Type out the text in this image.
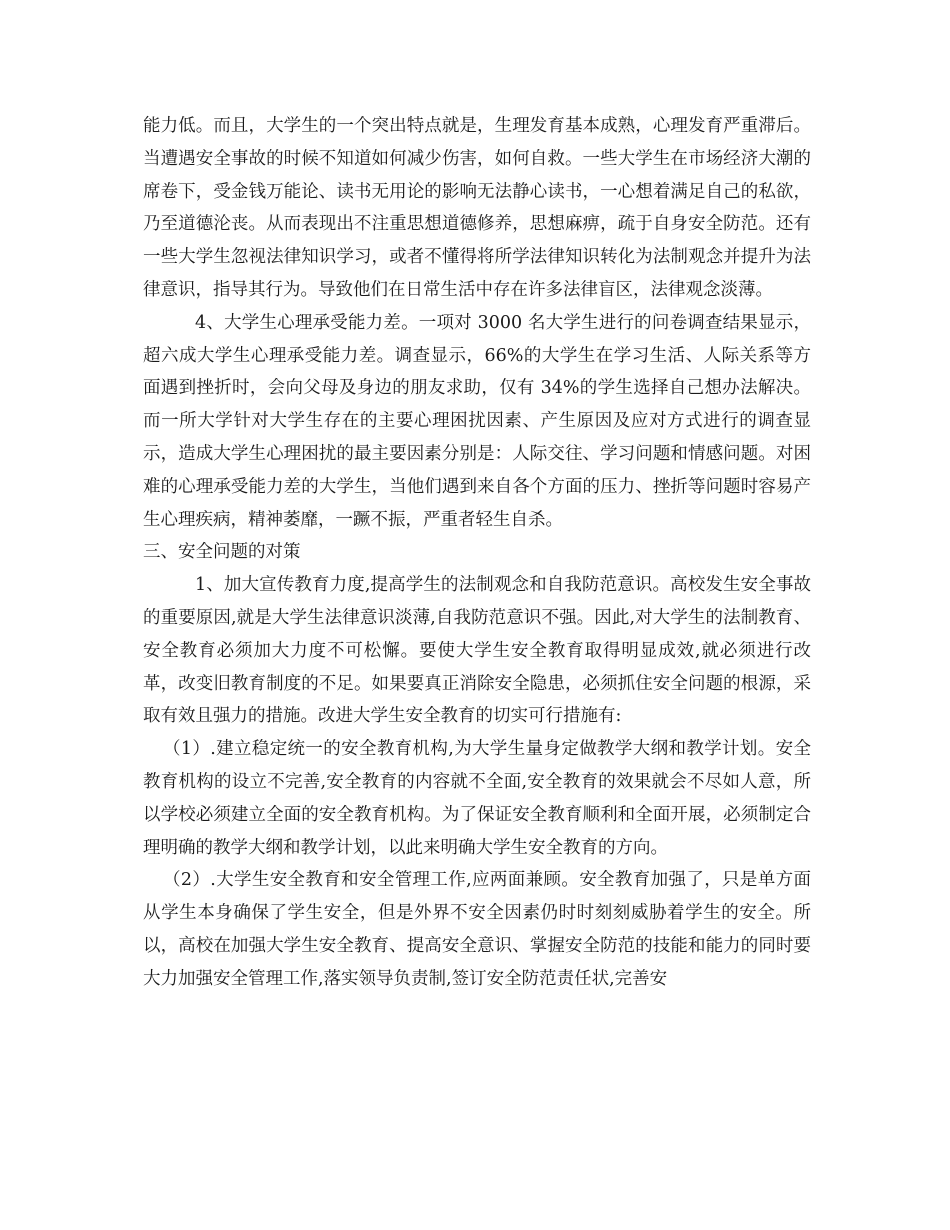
能力低。而且，大学生的一个突出特点就是，生理发育基本成熟，心理发育严重滞后。当遭遇安全事故的时候不知道如何减少伤害，如何自救。一些大学生在市场经济大潮的席卷下，受金钱万能论、读书无用论的影响无法静心读书，一心想着满足自己的私欲，乃至道德沦丧。从而表现出不注重思想道德修养，思想麻痹，疏于自身安全防范。还有一些大学生忽视法律知识学习，或者不懂得将所学法律知识转化为法制观念并提升为法律意识，指导其行为。导致他们在日常生活中存在许多法律盲区，法律观念淡薄。

4、大学生心理承受能力差。一项对 3000 名大学生进行的问卷调查结果显示，超六成大学生心理承受能力差。调查显示，66%的大学生在学习生活、人际关系等方面遇到挫折时，会向父母及身边的朋友求助，仅有 34%的学生选择自己想办法解决。而一所大学针对大学生存在的主要心理困扰因素、产生原因及应对方式进行的调查显示，造成大学生心理困扰的最主要因素分别是：人际交往、学习问题和情感问题。对困难的心理承受能力差的大学生，当他们遇到来自各个方面的压力、挫折等问题时容易产生心理疾病，精神萎靡，一蹶不振，严重者轻生自杀。

三、安全问题的对策

1、加大宣传教育力度,提高学生的法制观念和自我防范意识。高校发生安全事故的重要原因,就是大学生法律意识淡薄,自我防范意识不强。因此,对大学生的法制教育、安全教育必须加大力度不可松懈。要使大学生安全教育取得明显成效,就必须进行改革，改变旧教育制度的不足。如果要真正消除安全隐患，必须抓住安全问题的根源，采取有效且强力的措施。改进大学生安全教育的切实可行措施有:

（1）.建立稳定统一的安全教育机构,为大学生量身定做教学大纲和教学计划。安全教育机构的设立不完善,安全教育的内容就不全面,安全教育的效果就会不尽如人意，所以学校必须建立全面的安全教育机构。为了保证安全教育顺利和全面开展，必须制定合理明确的教学大纲和教学计划，以此来明确大学生安全教育的方向。

（2）.大学生安全教育和安全管理工作,应两面兼顾。安全教育加强了，只是单方面从学生本身确保了学生安全，但是外界不安全因素仍时时刻刻威胁着学生的安全。所以，高校在加强大学生安全教育、提高安全意识、掌握安全防范的技能和能力的同时要大力加强安全管理工作,落实领导负责制,签订安全防范责任状,完善安
